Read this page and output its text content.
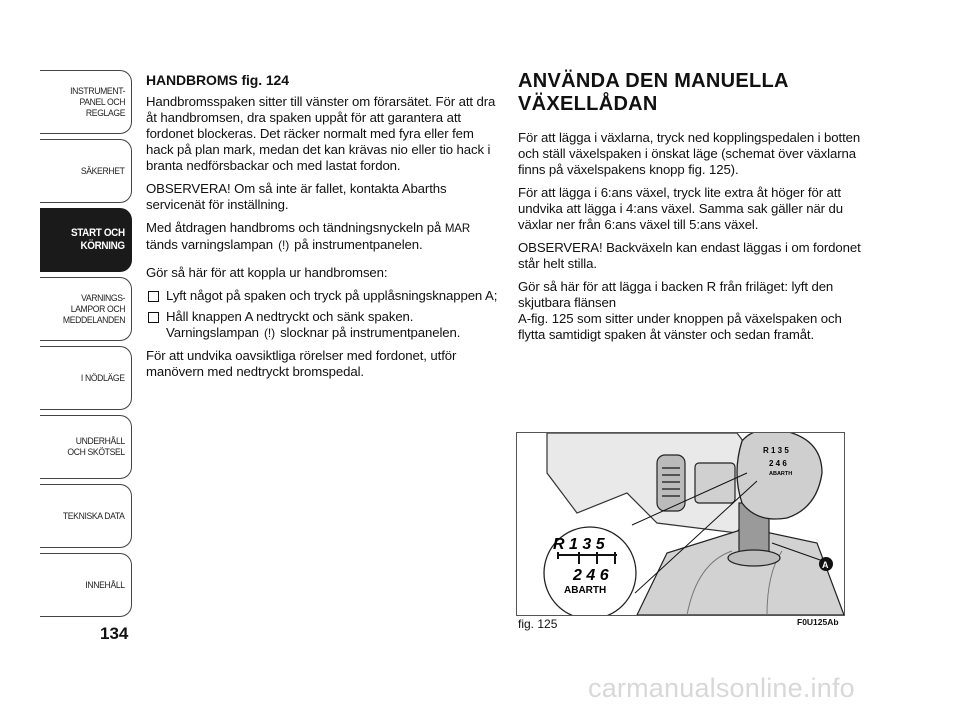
INSTRUMENT-
PANEL OCH
REGLAGE
SÄKERHET
START OCH
KÖRNING
VARNINGS-
LAMPOR OCH
MEDDELANDEN
I NÖDLÄGE
UNDERHÅLL
OCH SKÖTSEL
TEKNISKA DATA
INNEHÅLL
134
HANDBROMS fig. 124

Handbromsspaken sitter till vänster om förarsätet. För att dra åt handbromsen, dra spaken uppåt för att garantera att fordonet blockeras. Det räcker normalt med fyra eller fem hack på plan mark, medan det kan krävas nio eller tio hack i branta nedförsbackar och med lastat fordon.

OBSERVERA! Om så inte är fallet, kontakta Abarths servicenät för inställning.

Med åtdragen handbroms och tändningsnyckeln på MAR tänds varningslampan (!) på instrumentpanelen.

Gör så här för att koppla ur handbromsen:

Lyft något på spaken och tryck på upplåsningsknappen A;
Håll knappen A nedtryckt och sänk spaken. Varningslampan (!) slocknar på instrumentpanelen.

För att undvika oavsiktliga rörelser med fordonet, utför manövern med nedtryckt bromspedal.

ANVÄNDA DEN MANUELLA
VÄXELLÅDAN

För att lägga i växlarna, tryck ned kopplingspedalen i botten och ställ växelspaken i önskat läge (schemat över växlarna finns på växelspakens knopp fig. 125).

För att lägga i 6:ans växel, tryck lite extra åt höger för att undvika att lägga i 4:ans växel. Samma sak gäller när du växlar ner från 6:ans växel till 5:ans växel.

OBSERVERA! Backväxeln kan endast läggas i om fordonet står helt stilla.

Gör så här för att lägga i backen R från friläget: lyft den skjutbara flänsen

A-fig. 125 som sitter under knoppen på växelspaken och flytta samtidigt spaken åt vänster och sedan framåt.

R 1 3 5
2 4 6
ABARTH
R 1 3 5
2 4 6
ABARTH
A
fig. 125	F0U125Ab
carmanualsonline.info
